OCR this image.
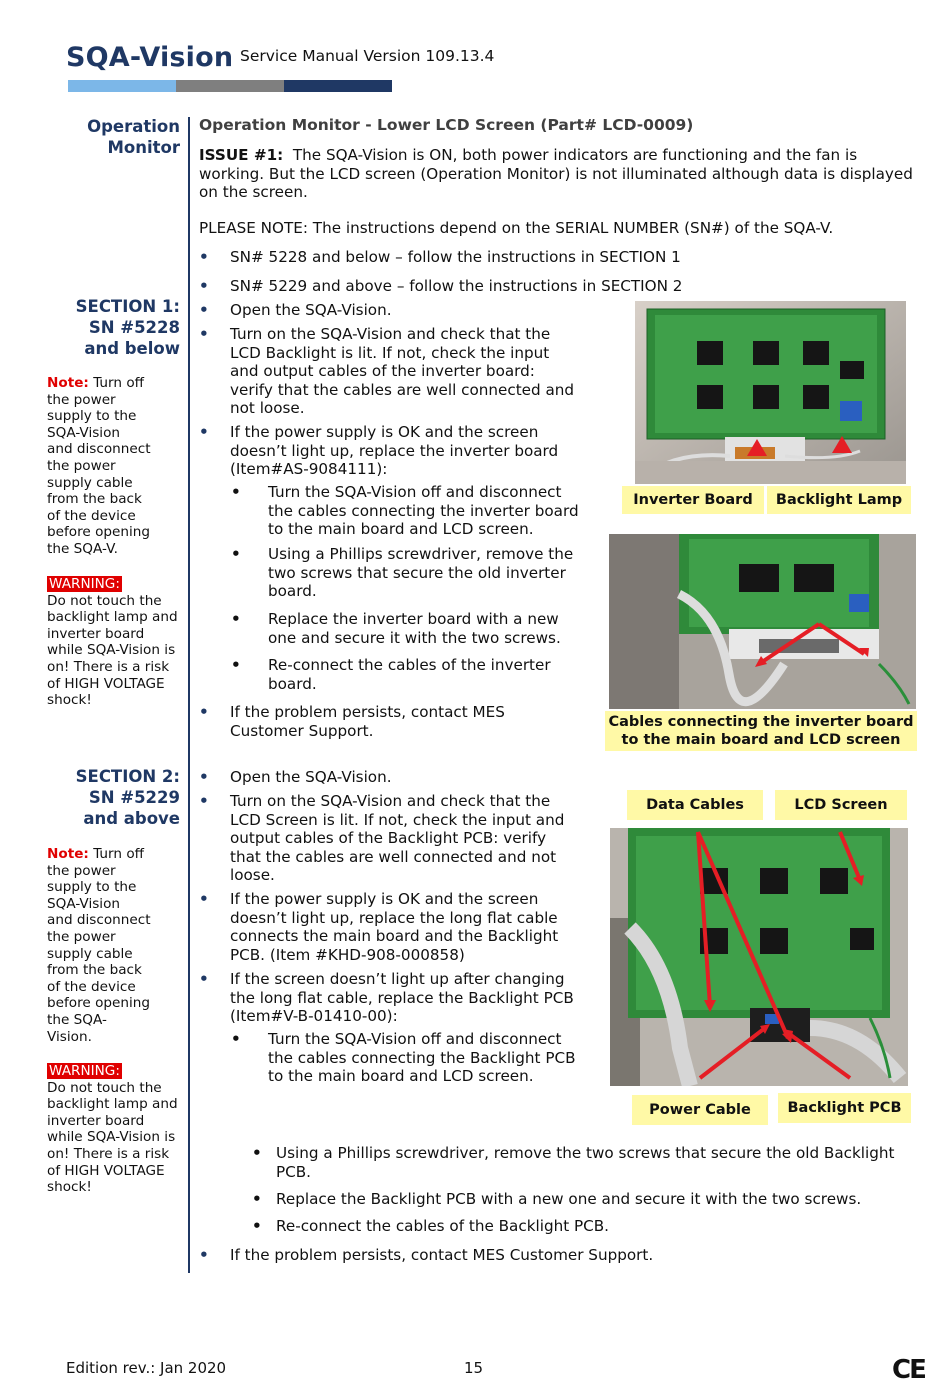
SQA-Vision Service Manual Version 109.13.4
Operation
Monitor
SECTION 1:
SN #5228
and below
Note: Turn off
the power
supply to the
SQA-Vision
and disconnect
the power
supply cable
from the back
of the device
before opening
the SQA-V.
WARNING:
Do not touch the
backlight lamp and
inverter board
while SQA-Vision is
on! There is a risk
of HIGH VOLTAGE
shock!
SECTION 2:
SN #5229
and above
Note: Turn off
the power
supply to the
SQA-Vision
and disconnect
the power
supply cable
from the back
of the device
before opening
the SQA-
Vision.
WARNING:
Do not touch the
backlight lamp and
inverter board
while SQA-Vision is
on! There is a risk
of HIGH VOLTAGE
shock!
Operation Monitor - Lower LCD Screen (Part# LCD-0009)
ISSUE #1:  The SQA-Vision is ON, both power indicators are functioning and the fan is
working. But the LCD screen (Operation Monitor) is not illuminated although data is displayed
on the screen.
PLEASE NOTE: The instructions depend on the SERIAL NUMBER (SN#) of the SQA-V.
• SN# 5228 and below – follow the instructions in SECTION 1
• SN# 5229 and above – follow the instructions in SECTION 2
• Open the SQA-Vision.
• Turn on the SQA-Vision and check that the
LCD Backlight is lit. If not, check the input
and output cables of the inverter board:
verify that the cables are well connected and
not loose.
• If the power supply is OK and the screen
doesn’t light up, replace the inverter board
(Item#AS-9084111):
• Turn the SQA-Vision off and disconnect
the cables connecting the inverter board
to the main board and LCD screen.
• Using a Phillips screwdriver, remove the
two screws that secure the old inverter
board.
• Replace the inverter board with a new
one and secure it with the two screws.
• Re-connect the cables of the inverter
board.
• If the problem persists, contact MES
Customer Support.
• Open the SQA-Vision.
• Turn on the SQA-Vision and check that the
LCD Screen is lit. If not, check the input and
output cables of the Backlight PCB: verify
that the cables are well connected and not
loose.
• If the power supply is OK and the screen
doesn’t light up, replace the long flat cable
connects the main board and the Backlight
PCB. (Item #KHD-908-000858)
• If the screen doesn’t light up after changing
the long flat cable, replace the Backlight PCB
(Item#V-B-01410-00):
• Turn the SQA-Vision off and disconnect
the cables connecting the Backlight PCB
to the main board and LCD screen.
• Using a Phillips screwdriver, remove the two screws that secure the old Backlight
PCB.
• Replace the Backlight PCB with a new one and secure it with the two screws.
• Re-connect the cables of the Backlight PCB.
• If the problem persists, contact MES Customer Support.
Inverter Board	Backlight Lamp
Cables connecting the inverter board
to the main board and LCD screen
Data Cables	LCD Screen
Power Cable	Backlight PCB
Edition rev.: Jan 2020	15	CE
